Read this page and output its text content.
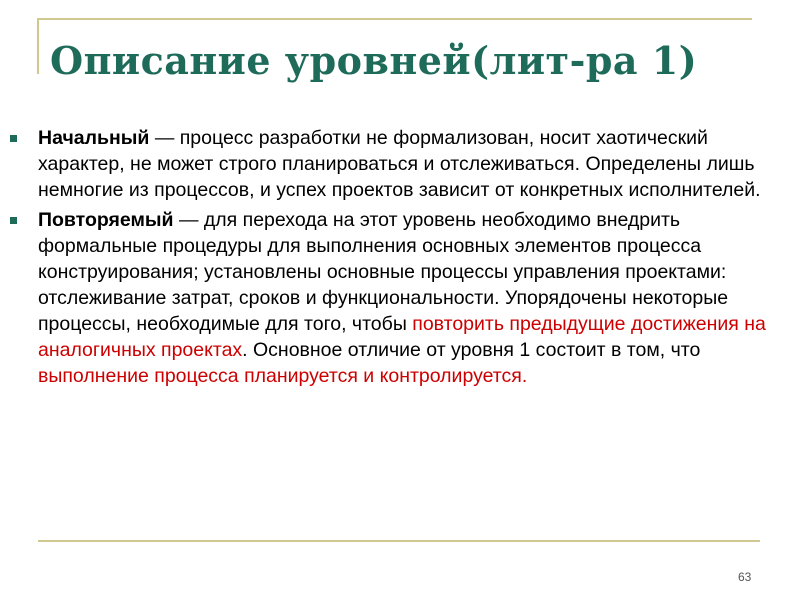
Описание уровней(лит-ра 1)
Начальный — процесс разработки не формализован, носит хаотический характер, не может строго планироваться и отслеживаться. Определены лишь немногие из процессов, и успех проектов зависит от конкретных исполнителей.
Повторяемый — для перехода на этот уровень необходимо внедрить формальные процедуры для выполнения основных элементов процесса конструирования; установлены основные процессы управления проектами: отслеживание затрат, сроков и функциональности. Упорядочены некоторые процессы, необходимые для того, чтобы повторить предыдущие достижения на аналогичных проектах. Основное отличие от уровня 1 состоит в том, что выполнение процесса планируется и контролируется.
63
